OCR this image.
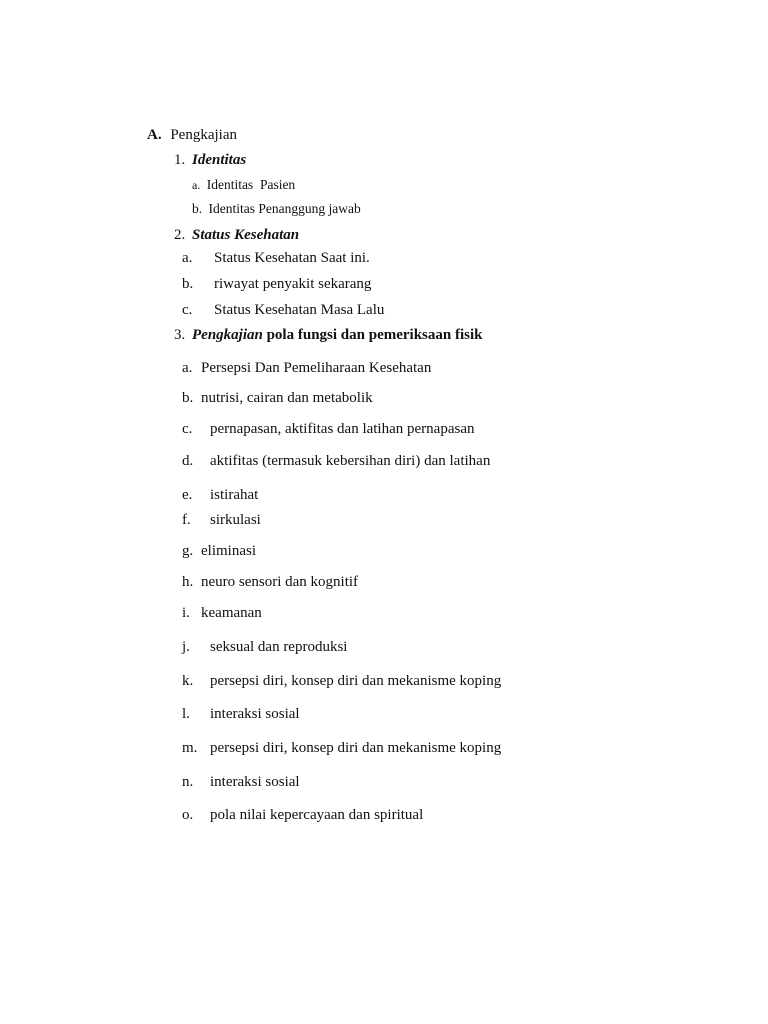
A. Pengkajian
1. Identitas
a. Identitas  Pasien
b. Identitas Penanggung jawab
2. Status Kesehatan
a. Status Kesehatan Saat ini.
b. riwayat penyakit sekarang
c. Status Kesehatan Masa Lalu
3. Pengkajian pola fungsi dan pemeriksaan fisik
a. Persepsi Dan Pemeliharaan Kesehatan
b. nutrisi, cairan dan metabolik
c. pernapasan, aktifitas dan latihan pernapasan
d. aktifitas (termasuk kebersihan diri) dan latihan
e. istirahat
f. sirkulasi
g. eliminasi
h. neuro sensori dan kognitif
i. keamanan
j. seksual dan reproduksi
k. persepsi diri, konsep diri dan mekanisme koping
l. interaksi sosial
m. persepsi diri, konsep diri dan mekanisme koping
n. interaksi sosial
o. pola nilai kepercayaan dan spiritual
